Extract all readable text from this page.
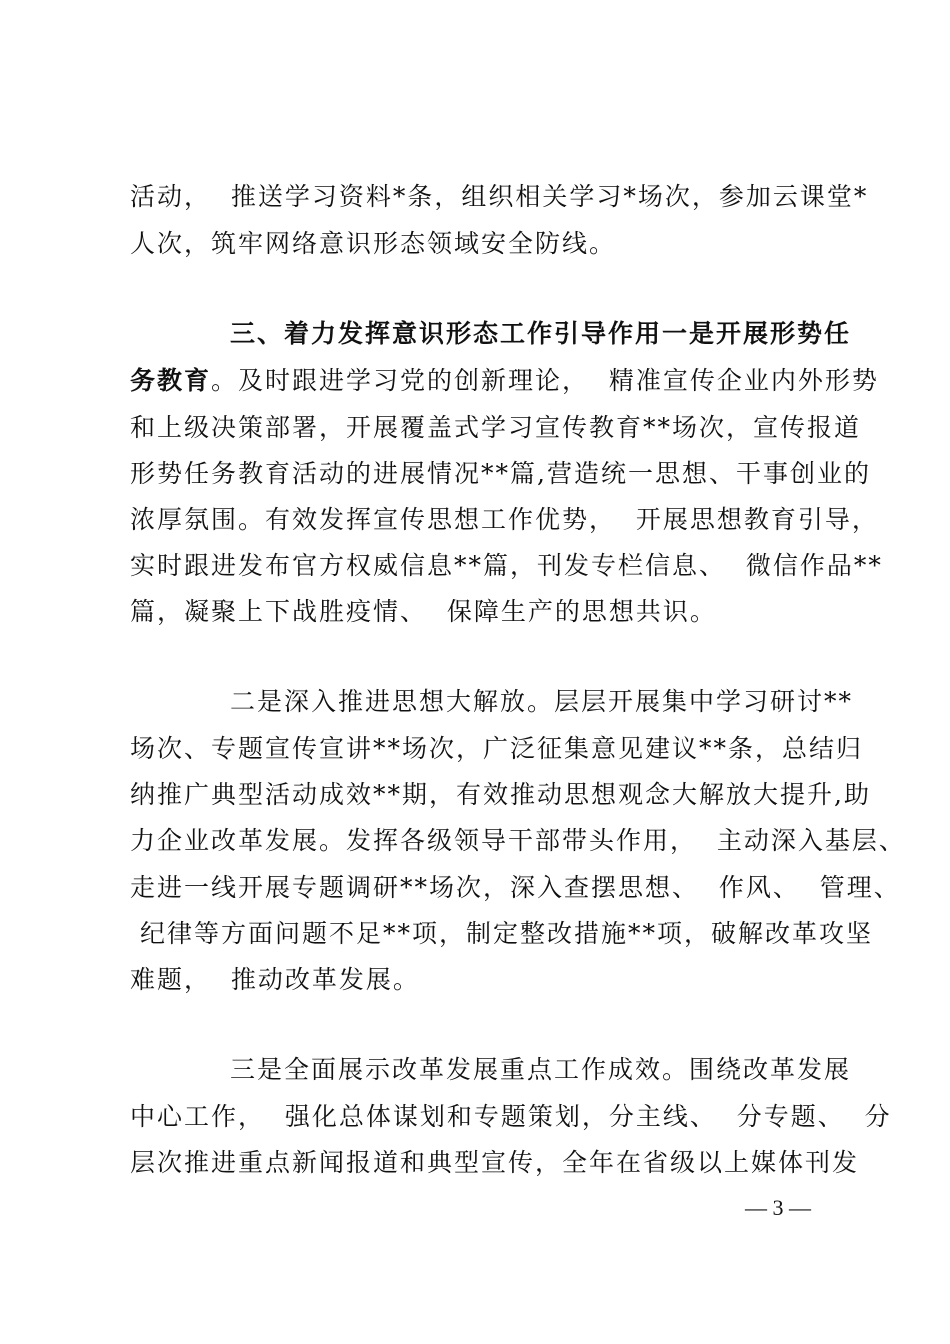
活动，  推送学习资料*条，组织相关学习*场次，参加云课堂*
人次，筑牢网络意识形态领域安全防线。
三、着力发挥意识形态工作引导作用一是开展形势任
务教育。及时跟进学习党的创新理论，  精准宣传企业内外形势
和上级决策部署，开展覆盖式学习宣传教育**场次，宣传报道
形势任务教育活动的进展情况**篇,营造统一思想、干事创业的
浓厚氛围。有效发挥宣传思想工作优势，  开展思想教育引导，
实时跟进发布官方权威信息**篇，刊发专栏信息、  微信作品**
篇，凝聚上下战胜疫情、  保障生产的思想共识。
二是深入推进思想大解放。层层开展集中学习研讨**
场次、专题宣传宣讲**场次，广泛征集意见建议**条，总结归
纳推广典型活动成效**期，有效推动思想观念大解放大提升,助
力企业改革发展。发挥各级领导干部带头作用，  主动深入基层、
走进一线开展专题调研**场次，深入查摆思想、  作风、  管理、
纪律等方面问题不足**项，制定整改措施**项，破解改革攻坚
难题，  推动改革发展。
三是全面展示改革发展重点工作成效。围绕改革发展
中心工作，  强化总体谋划和专题策划，分主线、  分专题、  分
层次推进重点新闻报道和典型宣传，全年在省级以上媒体刊发
— 3 —
